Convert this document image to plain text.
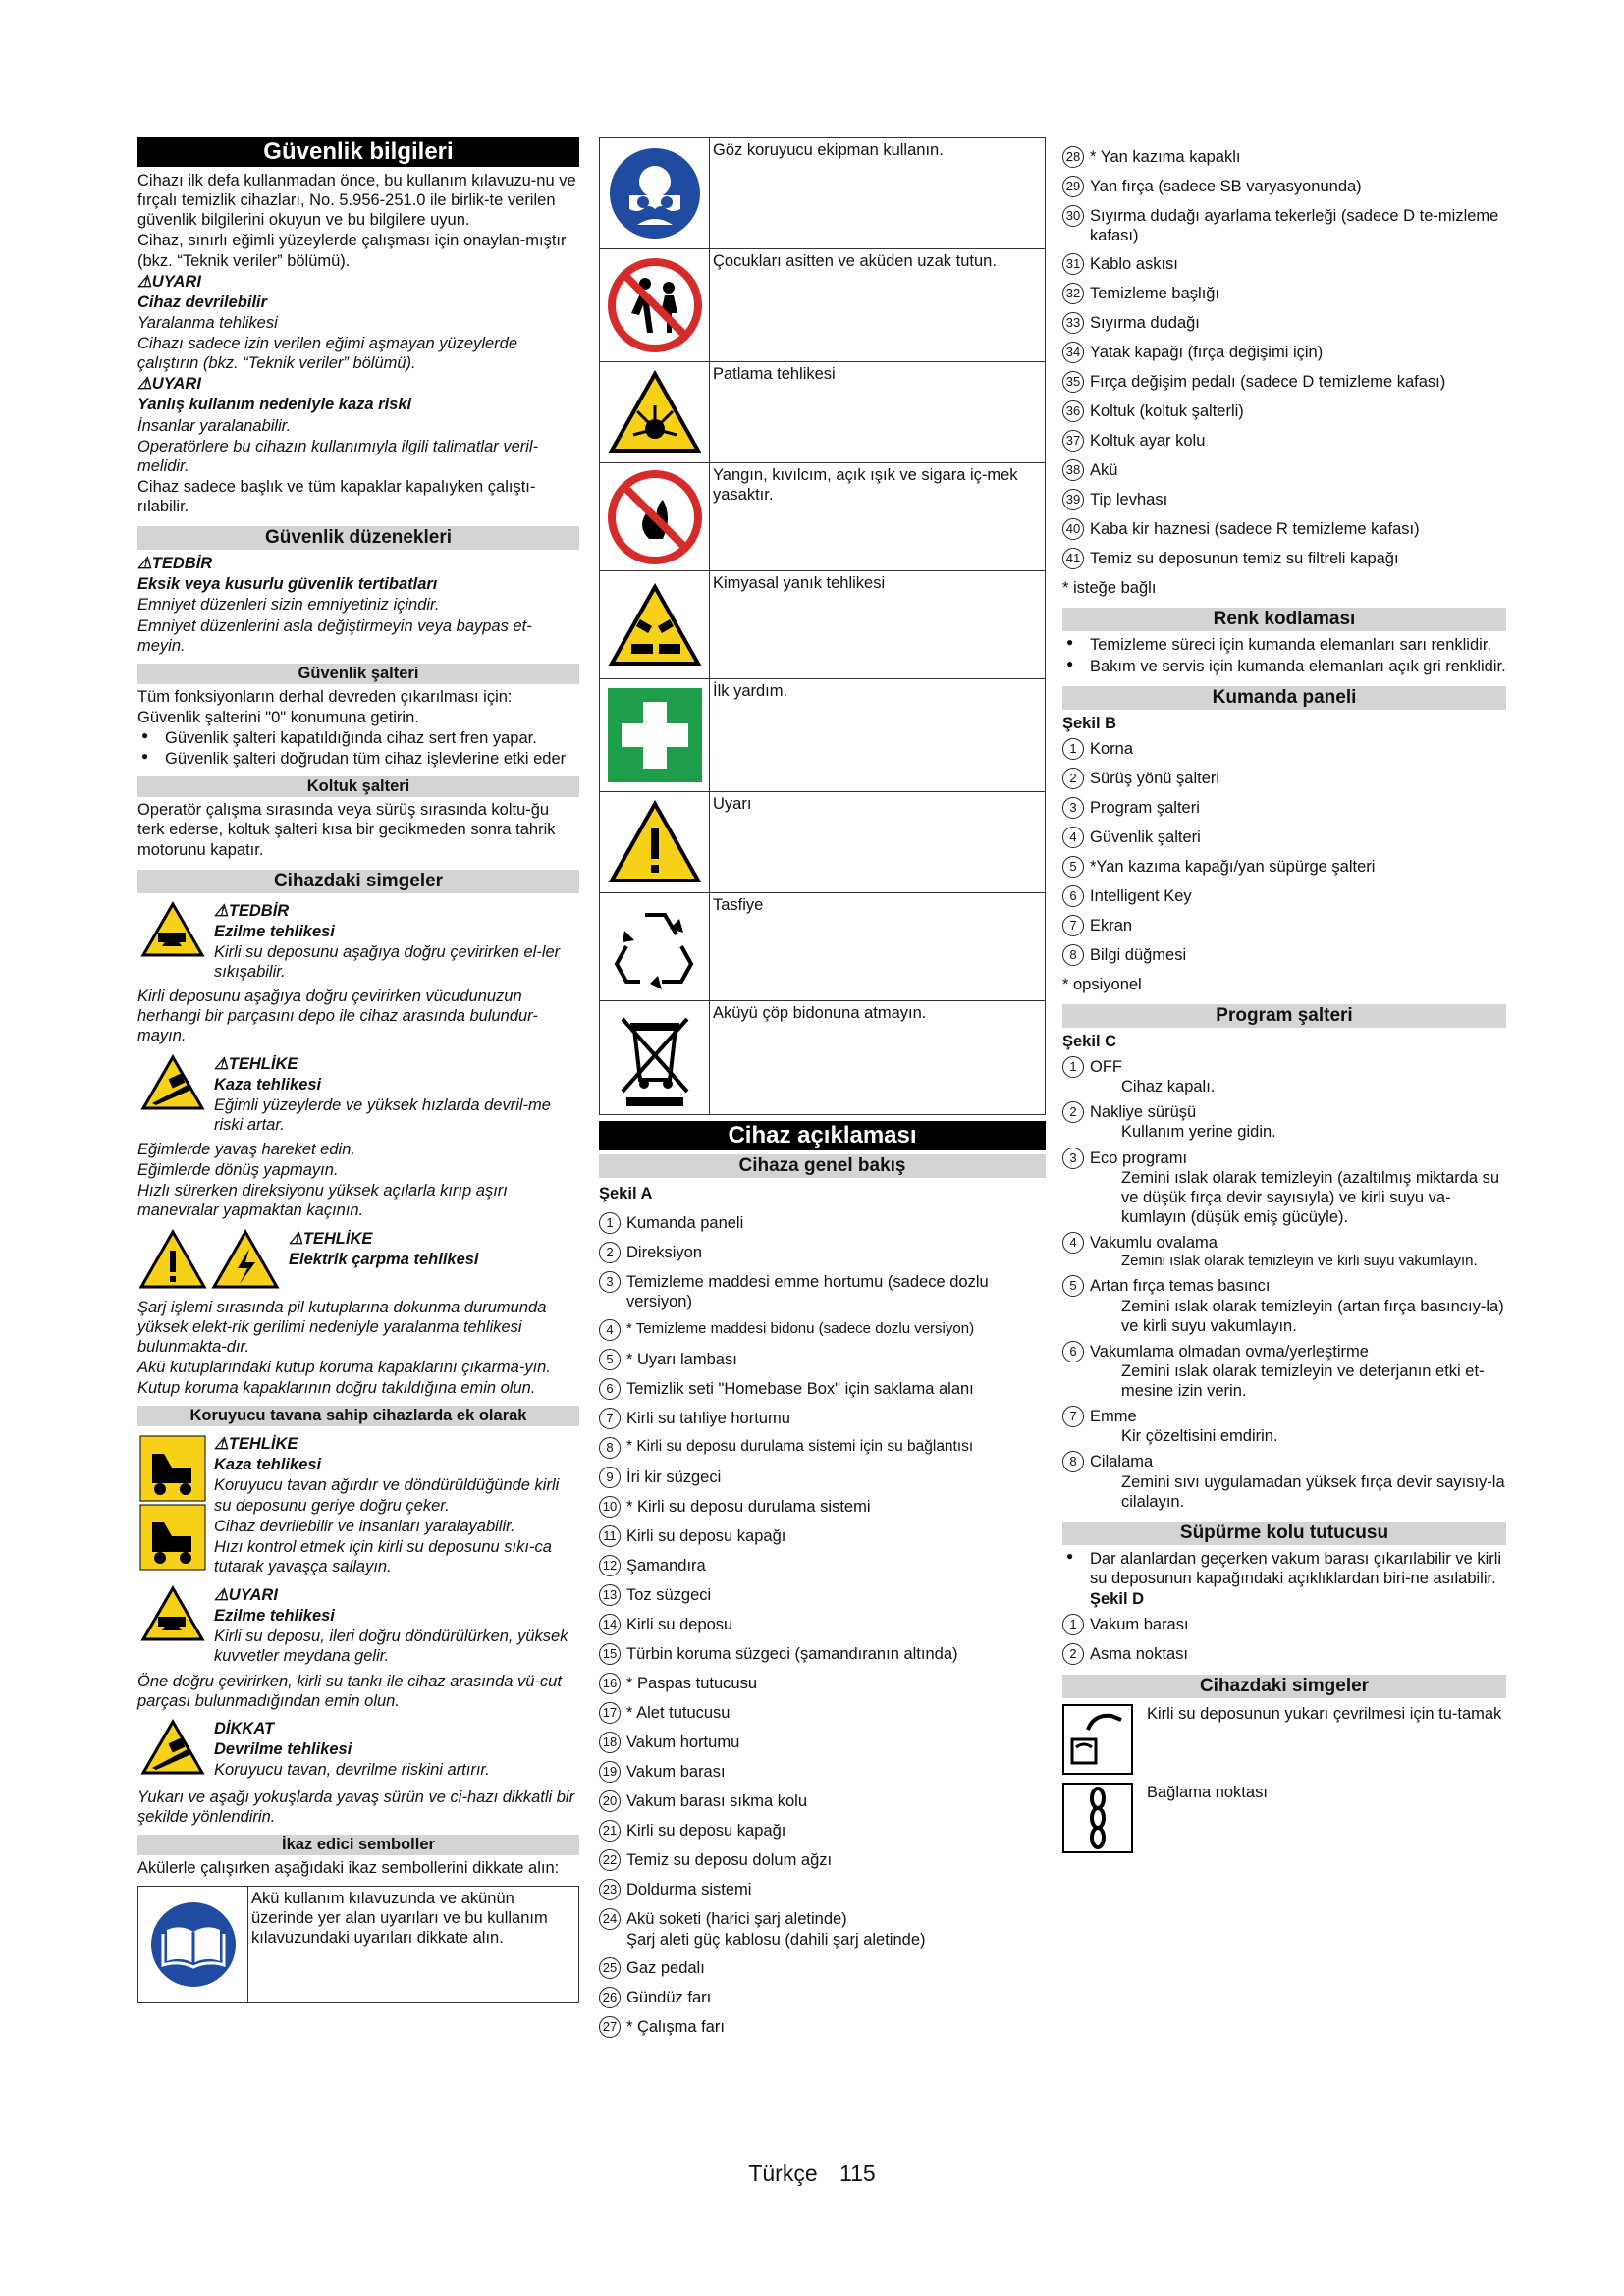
Güvenlik bilgileri

Cihazı ilk defa kullanmadan önce, bu kullanım kılavuzu-nu ve fırçalı temizlik cihazları, No. 5.956-251.0 ile birlik-te verilen güvenlik bilgilerini okuyun ve bu bilgilere uyun.

Cihaz, sınırlı eğimli yüzeylerde çalışması için onaylan-mıştır (bkz. “Teknik veriler” bölümü).

⚠UYARI

Cihaz devrilebilir

Yaralanma tehlikesi

Cihazı sadece izin verilen eğimi aşmayan yüzeylerde çalıştırın (bkz. “Teknik veriler” bölümü).

⚠UYARI

Yanlış kullanım nedeniyle kaza riski

İnsanlar yaralanabilir.

Operatörlere bu cihazın kullanımıyla ilgili talimatlar veril-melidir.

Cihaz sadece başlık ve tüm kapaklar kapalıyken çalıştı-rılabilir.

Güvenlik düzenekleri

⚠TEDBİR

Eksik veya kusurlu güvenlik tertibatları

Emniyet düzenleri sizin emniyetiniz içindir.

Emniyet düzenlerini asla değiştirmeyin veya baypas et-meyin.

Güvenlik şalteri

Tüm fonksiyonların derhal devreden çıkarılması için:

Güvenlik şalterini "0" konumuna getirin.

● Güvenlik şalteri kapatıldığında cihaz sert fren yapar.

● Güvenlik şalteri doğrudan tüm cihaz işlevlerine etki eder

Koltuk şalteri

Operatör çalışma sırasında veya sürüş sırasında koltu-ğu terk ederse, koltuk şalteri kısa bir gecikmeden sonra tahrik motorunu kapatır.

Cihazdaki simgeler

⚠TEDBİR

Ezilme tehlikesi

Kirli su deposunu aşağıya doğru çevirirken el-ler sıkışabilir.

Kirli deposunu aşağıya doğru çevirirken vücudunuzun herhangi bir parçasını depo ile cihaz arasında bulundur-mayın.

⚠TEHLİKE

Kaza tehlikesi

Eğimli yüzeylerde ve yüksek hızlarda devril-me riski artar.

Eğimlerde yavaş hareket edin.

Eğimlerde dönüş yapmayın.

Hızlı sürerken direksiyonu yüksek açılarla kırıp aşırı manevralar yapmaktan kaçının.

⚠TEHLİKE

Elektrik çarpma tehlikesi

Şarj işlemi sırasında pil kutuplarına dokunma durumunda yüksek elekt-rik gerilimi nedeniyle yaralanma tehlikesi bulunmakta-dır.

Akü kutuplarındaki kutup koruma kapaklarını çıkarma-yın.

Kutup koruma kapaklarının doğru takıldığına emin olun.

Koruyucu tavana sahip cihazlarda ek olarak

⚠TEHLİKE

Kaza tehlikesi

Koruyucu tavan ağırdır ve döndürüldüğünde kirli su deposunu geriye doğru çeker.

Cihaz devrilebilir ve insanları yaralayabilir.

Hızı kontrol etmek için kirli su deposunu sıkı-ca tutarak yavaşça sallayın.

⚠UYARI

Ezilme tehlikesi

Kirli su deposu, ileri doğru döndürülürken, yüksek kuvvetler meydana gelir.

Öne doğru çevirirken, kirli su tankı ile cihaz arasında vü-cut parçası bulunmadığından emin olun.

DİKKAT

Devrilme tehlikesi

Koruyucu tavan, devrilme riskini artırır.

Yukarı ve aşağı yokuşlarda yavaş sürün ve ci-hazı dikkatli bir şekilde yönlendirin.

İkaz edici semboller

Akülerle çalışırken aşağıdaki ikaz sembollerini dikkate alın:

Akü kullanım kılavuzunda ve akünün üzerinde yer alan uyarıları ve bu kullanım kılavuzundaki uyarıları dikkate alın.
Göz koruyucu ekipman kullanın.
Çocukları asitten ve aküden uzak tutun.
Patlama tehlikesi
Yangın, kıvılcım, açık ışık ve sigara iç-mek yasaktır.
Kimyasal yanık tehlikesi
İlk yardım.
Uyarı
Tasfiye
Aküyü çöp bidonuna atmayın.
Cihaz açıklaması
Cihaza genel bakış

Şekil A

1 Kumanda paneli
2 Direksiyon
3 Temizleme maddesi emme hortumu (sadece dozlu versiyon)
4 * Temizleme maddesi bidonu (sadece dozlu versiyon)
5 * Uyarı lambası
6 Temizlik seti "Homebase Box" için saklama alanı
7 Kirli su tahliye hortumu
8 * Kirli su deposu durulama sistemi için su bağlantısı
9 İri kir süzgeci
10 * Kirli su deposu durulama sistemi
11 Kirli su deposu kapağı
12 Şamandıra
13 Toz süzgeci
14 Kirli su deposu
15 Türbin koruma süzgeci (şamandıranın altında)
16 * Paspas tutucusu
17 * Alet tutucusu
18 Vakum hortumu
19 Vakum barası
20 Vakum barası sıkma kolu
21 Kirli su deposu kapağı
22 Temiz su deposu dolum ağzı
23 Doldurma sistemi
24 Akü soketi (harici şarj aletinde)
Şarj aleti güç kablosu (dahili şarj aletinde)
25 Gaz pedalı
26 Gündüz farı
27 * Çalışma farı
28 * Yan kazıma kapaklı
29 Yan fırça (sadece SB varyasyonunda)
30 Sıyırma dudağı ayarlama tekerleği (sadece D te-mizleme kafası)
31 Kablo askısı
32 Temizleme başlığı
33 Sıyırma dudağı
34 Yatak kapağı (fırça değişimi için)
35 Fırça değişim pedalı (sadece D temizleme kafası)
36 Koltuk (koltuk şalterli)
37 Koltuk ayar kolu
38 Akü
39 Tip levhası
40 Kaba kir haznesi (sadece R temizleme kafası)
41 Temiz su deposunun temiz su filtreli kapağı

* isteğe bağlı

Renk kodlaması

● Temizleme süreci için kumanda elemanları sarı renklidir.

● Bakım ve servis için kumanda elemanları açık gri renklidir.

Kumanda paneli

Şekil B

1 Korna
2 Sürüş yönü şalteri
3 Program şalteri
4 Güvenlik şalteri
5 *Yan kazıma kapağı/yan süpürge şalteri
6 Intelligent Key
7 Ekran
8 Bilgi düğmesi

* opsiyonel

Program şalteri

Şekil C

1 OFF
Cihaz kapalı.
2 Nakliye sürüşü
Kullanım yerine gidin.
3 Eco programı
Zemini ıslak olarak temizleyin (azaltılmış miktarda su ve düşük fırça devir sayısıyla) ve kirli suyu va-kumlayın (düşük emiş gücüyle).
4 Vakumlu ovalama
Zemini ıslak olarak temizleyin ve kirli suyu vakumlayın.
5 Artan fırça temas basıncı
Zemini ıslak olarak temizleyin (artan fırça basıncıy-la) ve kirli suyu vakumlayın.
6 Vakumlama olmadan ovma/yerleştirme
Zemini ıslak olarak temizleyin ve deterjanın etki et-mesine izin verin.
7 Emme
Kir çözeltisini emdirin.
8 Cilalama
Zemini sıvı uygulamadan yüksek fırça devir sayısıy-la cilalayın.
Süpürme kolu tutucusu

● Dar alanlardan geçerken vakum barası çıkarılabilir ve kirli su deposunun kapağındaki açıklıklardan biri-ne asılabilir.

Şekil D

1 Vakum barası
2 Asma noktası
Cihazdaki simgeler

Kirli su deposunun yukarı çevrilmesi için tu-tamak

Bağlama noktası

Türkçe 115
